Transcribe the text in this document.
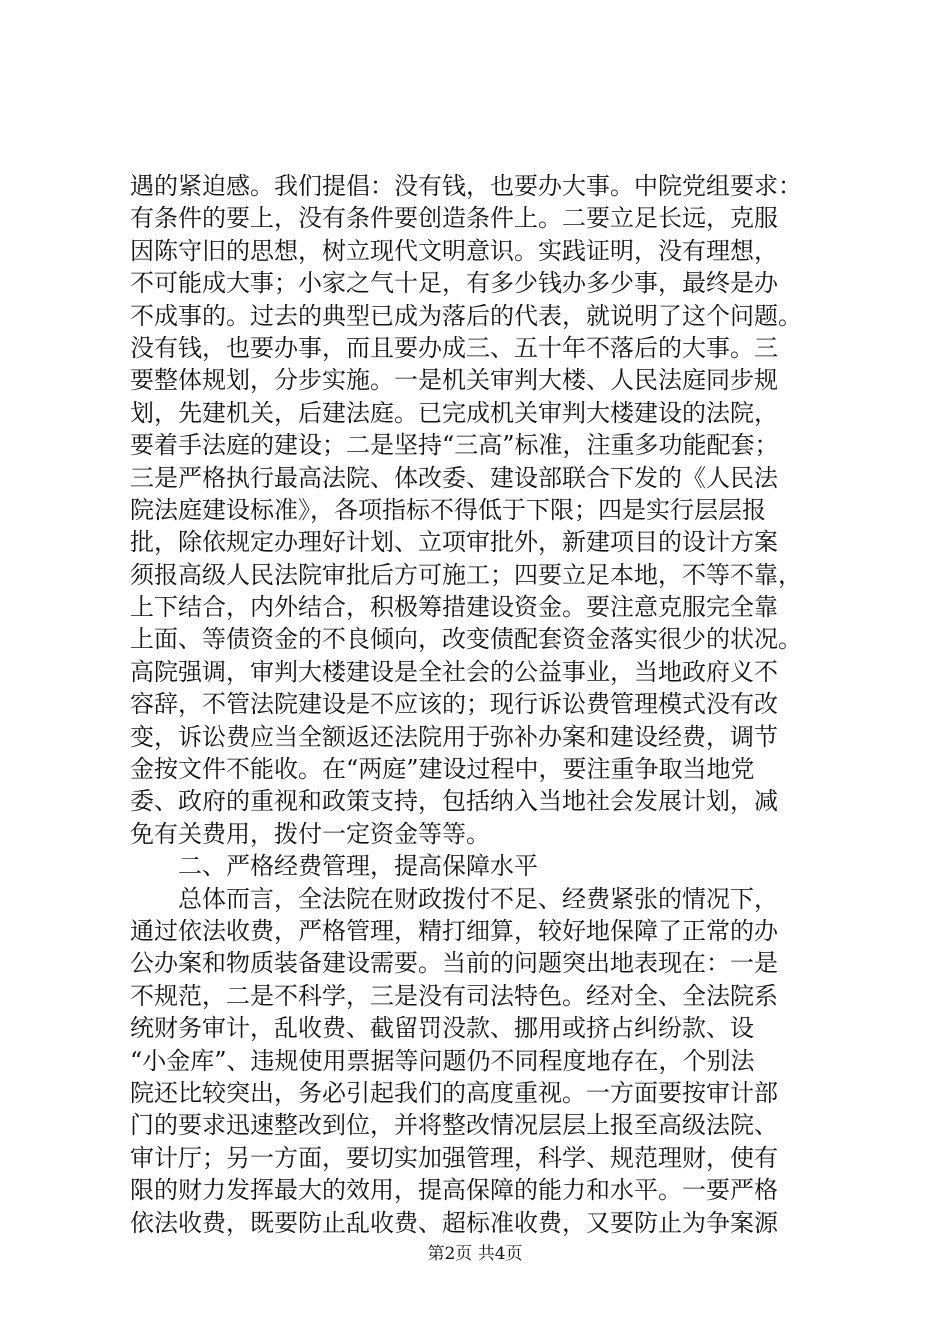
遇的紧迫感。我们提倡：没有钱，也要办大事。中院党组要求：
有条件的要上，没有条件要创造条件上。二要立足长远，克服
因陈守旧的思想，树立现代文明意识。实践证明，没有理想，
不可能成大事；小家之气十足，有多少钱办多少事，最终是办
不成事的。过去的典型已成为落后的代表，就说明了这个问题。
没有钱，也要办事，而且要办成三、五十年不落后的大事。三
要整体规划，分步实施。一是机关审判大楼、人民法庭同步规
划，先建机关，后建法庭。已完成机关审判大楼建设的法院，
要着手法庭的建设；二是坚持“三高”标准，注重多功能配套；
三是严格执行最高法院、体改委、建设部联合下发的《人民法
院法庭建设标准》，各项指标不得低于下限；四是实行层层报
批，除依规定办理好计划、立项审批外，新建项目的设计方案
须报高级人民法院审批后方可施工；四要立足本地，不等不靠，
上下结合，内外结合，积极筹措建设资金。要注意克服完全靠
上面、等债资金的不良倾向，改变债配套资金落实很少的状况。
高院强调，审判大楼建设是全社会的公益事业，当地政府义不
容辞，不管法院建设是不应该的；现行诉讼费管理模式没有改
变，诉讼费应当全额返还法院用于弥补办案和建设经费，调节
金按文件不能收。在“两庭”建设过程中，要注重争取当地党
委、政府的重视和政策支持，包括纳入当地社会发展计划，减
免有关费用，拨付一定资金等等。
　　二、严格经费管理，提高保障水平
　　总体而言，全法院在财政拨付不足、经费紧张的情况下，
通过依法收费，严格管理，精打细算，较好地保障了正常的办
公办案和物质装备建设需要。当前的问题突出地表现在：一是
不规范，二是不科学，三是没有司法特色。经对全、全法院系
统财务审计，乱收费、截留罚没款、挪用或挤占纠纷款、设
“小金库”、违规使用票据等问题仍不同程度地存在，个别法
院还比较突出，务必引起我们的高度重视。一方面要按审计部
门的要求迅速整改到位，并将整改情况层层上报至高级法院、
审计厅；另一方面，要切实加强管理，科学、规范理财，使有
限的财力发挥最大的效用，提高保障的能力和水平。一要严格
依法收费，既要防止乱收费、超标准收费，又要防止为争案源
第2页 共4页
